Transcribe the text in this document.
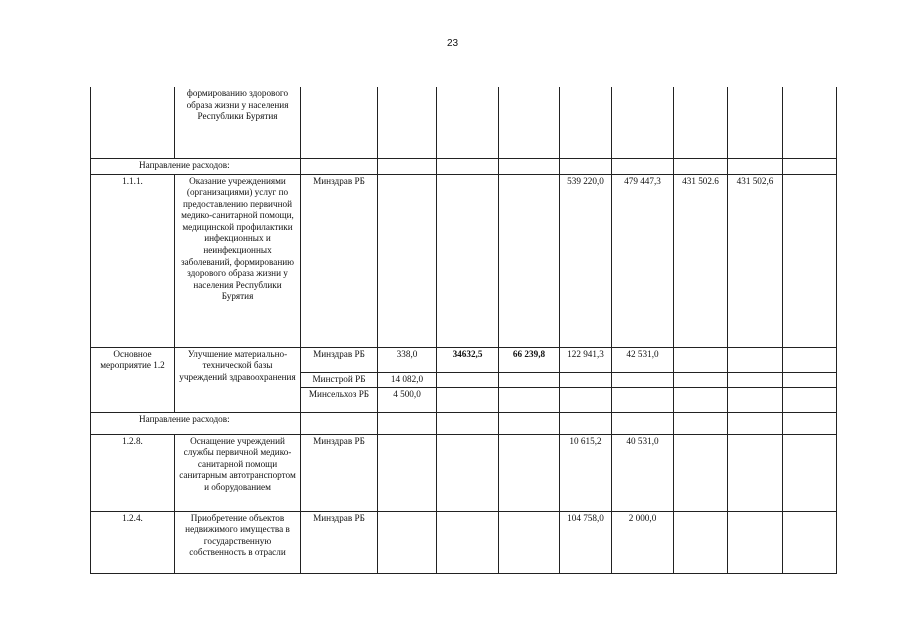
23
	формированию здорового образа жизни у населения Республики Бурятия									
Направление расходов:										
1.1.1.	Оказание учреждениями (организациями) услуг по предоставлению первичной медико-санитарной помощи, медицинской профилактики инфекционных и неинфекционных заболеваний, формированию здорового образа жизни у населения Республики Бурятия	Минздрав РБ				539 220,0	479 447,3	431 502.6	431 502,6	
Основное мероприятие 1.2	Улучшение материально-технической базы учреждений здравоохранения	Минздрав РБ	338,0	34632,5	66 239,8	122 941,3	42 531,0			
		Минстрой РБ	14 082,0							
		Минсельхоз РБ	4 500,0							
Направление расходов:										
1.2.8.	Оснащение учреждений службы первичной медико-санитарной помощи санитарным автотранспортом и оборудованием	Минздрав РБ				10 615,2	40 531,0			
1.2.4.	Приобретение объектов недвижимого имущества в государственную собственность в отрасли	Минздрав РБ				104 758,0	2 000,0			
